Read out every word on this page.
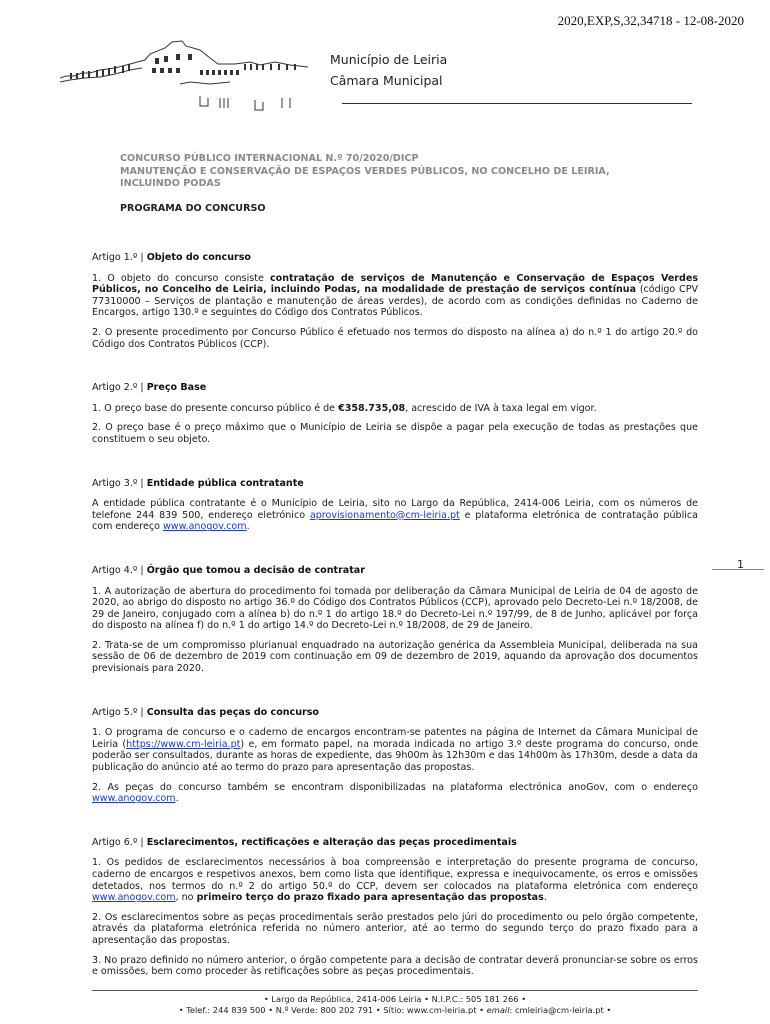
2020,EXP,S,32,34718 - 12-08-2020
Município de Leiria
Câmara Municipal
CONCURSO PÚBLICO INTERNACIONAL N.º 70/2020/DICP
MANUTENÇÃO E CONSERVAÇÃO DE ESPAÇOS VERDES PÚBLICOS, NO CONCELHO DE LEIRIA,
INCLUINDO PODAS
PROGRAMA DO CONCURSO
Artigo 1.º | Objeto do concurso
1. O objeto do concurso consiste contratação de serviços de Manutenção e Conservação de Espaços Verdes Públicos, no Concelho de Leiria, incluindo Podas, na modalidade de prestação de serviços contínua (código CPV 77310000 – Serviços de plantação e manutenção de áreas verdes), de acordo com as condições definidas no Caderno de Encargos, artigo 130.º e seguintes do Código dos Contratos Públicos.
2. O presente procedimento por Concurso Público é efetuado nos termos do disposto na alínea a) do n.º 1 do artigo 20.º do Código dos Contratos Públicos (CCP).
Artigo 2.º | Preço Base
1. O preço base do presente concurso público é de €358.735,08, acrescido de IVA à taxa legal em vigor.
2. O preço base é o preço máximo que o Município de Leiria se dispõe a pagar pela execução de todas as prestações que constituem o seu objeto.
Artigo 3.º | Entidade pública contratante
A entidade pública contratante é o Município de Leiria, sito no Largo da República, 2414-006 Leiria, com os números de telefone 244 839 500, endereço eletrónico aprovisionamento@cm-leiria.pt e plataforma eletrónica de contratação pública com endereço www.anogov.com.
Artigo 4.º | Órgão que tomou a decisão de contratar
1. A autorização de abertura do procedimento foi tomada por deliberação da Câmara Municipal de Leiria de 04 de agosto de 2020, ao abrigo do disposto no artigo 36.º do Código dos Contratos Públicos (CCP), aprovado pelo Decreto-Lei n.º 18/2008, de 29 de Janeiro, conjugado com a alínea b) do n.º 1 do artigo 18.º do Decreto-Lei n.º 197/99, de 8 de Junho, aplicável por força do disposto na alínea f) do n.º 1 do artigo 14.º do Decreto-Lei n.º 18/2008, de 29 de Janeiro.
2. Trata-se de um compromisso plurianual enquadrado na autorização genérica da Assembleia Municipal, deliberada na sua sessão de 06 de dezembro de 2019 com continuação em 09 de dezembro de 2019, aquando da aprovação dos documentos previsionais para 2020.
Artigo 5.º | Consulta das peças do concurso
1. O programa de concurso e o caderno de encargos encontram-se patentes na página de Internet da Câmara Municipal de Leiria (https://www.cm-leiria.pt) e, em formato papel, na morada indicada no artigo 3.º deste programa do concurso, onde poderão ser consultados, durante as horas de expediente, das 9h00m às 12h30m e das 14h00m às 17h30m, desde a data da publicação do anúncio até ao termo do prazo para apresentação das propostas.
2. As peças do concurso também se encontram disponibilizadas na plataforma electrónica anoGov, com o endereço www.anogov.com.
Artigo 6.º | Esclarecimentos, rectificações e alteração das peças procedimentais
1. Os pedidos de esclarecimentos necessários à boa compreensão e interpretação do presente programa de concurso, caderno de encargos e respetivos anexos, bem como lista que identifique, expressa e inequivocamente, os erros e omissões detetados, nos termos do n.º 2 do artigo 50.º do CCP, devem ser colocados na plataforma eletrónica com endereço www.anogov.com, no primeiro terço do prazo fixado para apresentação das propostas.
2. Os esclarecimentos sobre as peças procedimentais serão prestados pelo júri do procedimento ou pelo órgão competente, através da plataforma eletrónica referida no número anterior, até ao termo do segundo terço do prazo fixado para a apresentação das propostas.
3. No prazo definido no número anterior, o órgão competente para a decisão de contratar deverá pronunciar-se sobre os erros e omissões, bem como proceder às retificações sobre as peças procedimentais.
1
• Largo da República, 2414-006 Leiria • N.I.P.C.: 505 181 266 •
• Telef.: 244 839 500 • N.º Verde: 800 202 791 • Sítio: www.cm-leiria.pt • email: cmleiria@cm-leiria.pt •
